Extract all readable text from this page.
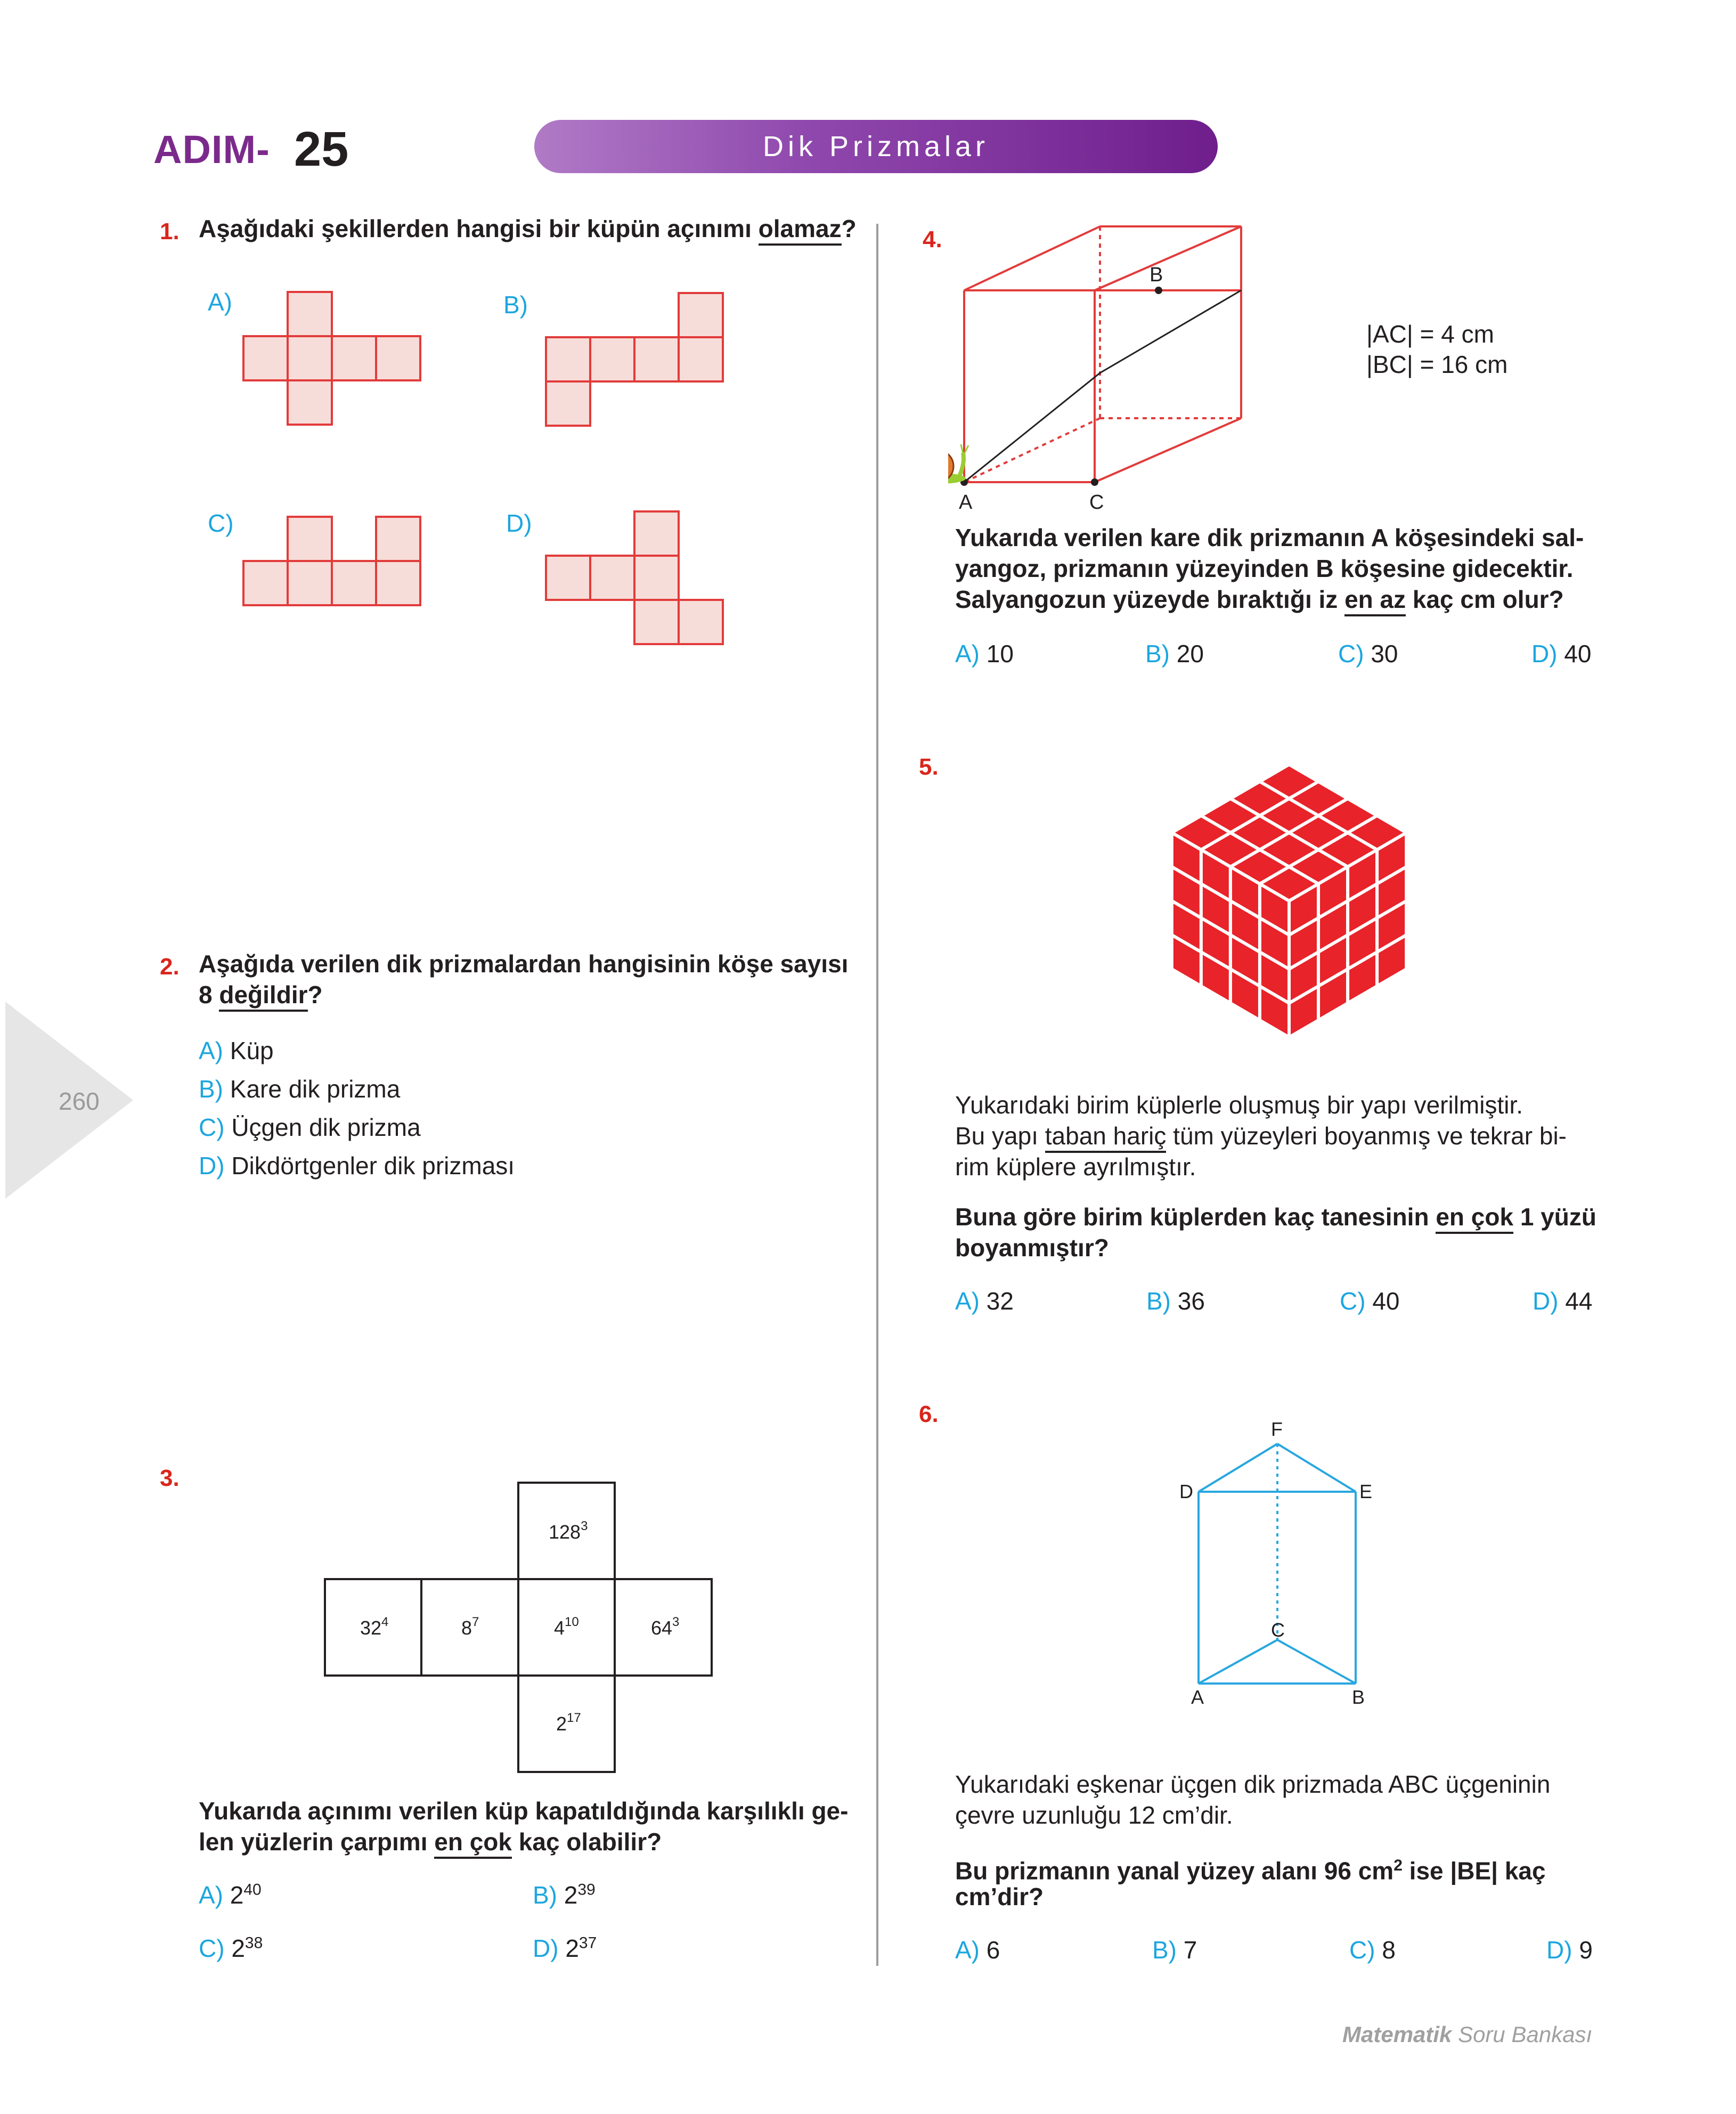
ADIM- 25	Dik Prizmalar
260
1. Aşağıdaki şekillerden hangisi bir küpün açınımı olamaz?
A)	B)
C)	D)
2. Aşağıda verilen dik prizmalardan hangisinin köşe sayısı
8 değildir?
A) Küp
B) Kare dik prizma
C) Üçgen dik prizma
D) Dikdörtgenler dik prizması
3.
$128^3$
$32^4$	$8^7$	$4^{10}$	$64^3$
$2^{17}$
Yukarıda açınımı verilen küp kapatıldığında karşılıklı ge-
len yüzlerin çarpımı en çok kaç olabilir?
A) $2^{40}$	B) $2^{39}$
C) $2^{38}$	D) $2^{37}$
4.
A	C
B
|AC| = 4 cm
|BC| = 16 cm
Yukarıda verilen kare dik prizmanın A köşesindeki sal-
yangoz, prizmanın yüzeyinden B köşesine gidecektir.
Salyangozun yüzeyde bıraktığı iz en az kaç cm olur?
A) 10	B) 20	C) 30	D) 40
5.
Yukarıdaki birim küplerle oluşmuş bir yapı verilmiştir.
Bu yapı taban hariç tüm yüzeyleri boyanmış ve tekrar bi-
rim küplere ayrılmıştır.
Buna göre birim küplerden kaç tanesinin en çok 1 yüzü
boyanmıştır?
A) 32	B) 36	C) 40	D) 44
6.
F
D	E
C
A	B
Yukarıdaki eşkenar üçgen dik prizmada ABC üçgeninin
çevre uzunluğu 12 cm’dir.
Bu prizmanın yanal yüzey alanı 96 $cm^2$ ise |BE| kaç
cm’dir?
A) 6	B) 7	C) 8	D) 9
Matematik Soru Bankası
